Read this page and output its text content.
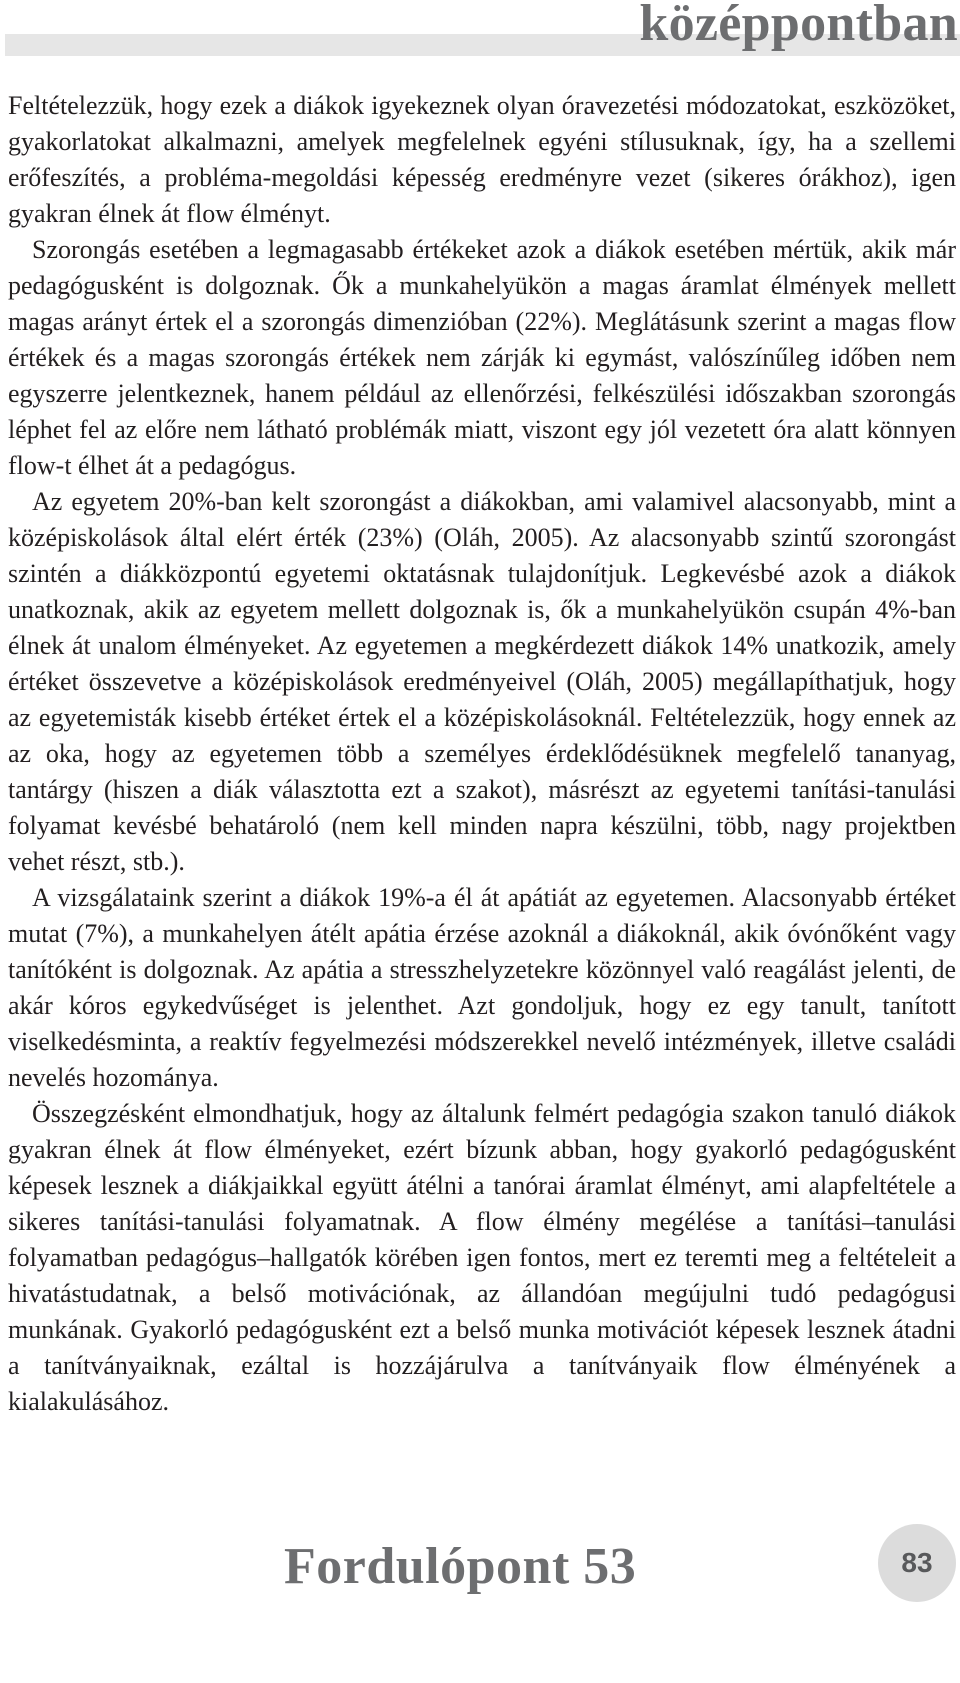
középpontban

Feltételezzük, hogy ezek a diákok igyekeznek olyan óravezetési módozatokat, eszközöket, gyakorlatokat alkalmazni, amelyek megfelelnek egyéni stílusuknak, így, ha a szellemi erőfeszítés, a probléma-megoldási képesség eredményre vezet (sikeres órákhoz), igen gyakran élnek át flow élményt.

Szorongás esetében a legmagasabb értékeket azok a diákok esetében mértük, akik már pedagógusként is dolgoznak. Ők a munkahelyükön a magas áramlat élmények mellett magas arányt értek el a szorongás dimenzióban (22%). Meglátásunk szerint a magas flow értékek és a magas szorongás értékek nem zárják ki egymást, valószínűleg időben nem egyszerre jelentkeznek, hanem például az ellenőrzési, felkészülési időszakban szorongás léphet fel az előre nem látható problémák miatt, viszont egy jól vezetett óra alatt könnyen flow-t élhet át a pedagógus.

Az egyetem 20%-ban kelt szorongást a diákokban, ami valamivel alacsonyabb, mint a középiskolások által elért érték (23%) (Oláh, 2005). Az alacsonyabb szintű szorongást szintén a diákközpontú egyetemi oktatásnak tulajdonítjuk. Legkevésbé azok a diákok unatkoznak, akik az egyetem mellett dolgoznak is, ők a munkahelyükön csupán 4%-ban élnek át unalom élményeket. Az egyetemen a megkérdezett diákok 14% unatkozik, amely értéket összevetve a középiskolások eredményeivel (Oláh, 2005) megállapíthatjuk, hogy az egyetemisták kisebb értéket értek el a középiskolásoknál. Feltételezzük, hogy ennek az az oka, hogy az egyetemen több a személyes érdeklődésüknek megfelelő tananyag, tantárgy (hiszen a diák választotta ezt a szakot), másrészt az egyetemi tanítási-tanulási folyamat kevésbé behatároló (nem kell minden napra készülni, több, nagy projektben vehet részt, stb.).

A vizsgálataink szerint a diákok 19%-a él át apátiát az egyetemen. Alacsonyabb értéket mutat (7%), a munkahelyen átélt apátia érzése azoknál a diákoknál, akik óvónőként vagy tanítóként is dolgoznak. Az apátia a stresszhelyzetekre közönnyel való reagálást jelenti, de akár kóros egykedvűséget is jelenthet. Azt gondoljuk, hogy ez egy tanult, tanított viselkedésminta, a reaktív fegyelmezési módszerekkel nevelő intézmények, illetve családi nevelés hozománya.

Összegzésként elmondhatjuk, hogy az általunk felmért pedagógia szakon tanuló diákok gyakran élnek át flow élményeket, ezért bízunk abban, hogy gyakorló pedagógusként képesek lesznek a diákjaikkal együtt átélni a tanórai áramlat élményt, ami alapfeltétele a sikeres tanítási-tanulási folyamatnak. A flow élmény megélése a tanítási–tanulási folyamatban pedagógus–hallgatók körében igen fontos, mert ez teremti meg a feltételeit a hivatástudatnak, a belső motivációnak, az állandóan megújulni tudó pedagógusi munkának. Gyakorló pedagógusként ezt a belső munka motivációt képesek lesznek átadni a tanítványaiknak, ezáltal is hozzájárulva a tanítványaik flow élményének a kialakulásához.

Fordulópont 53	83
